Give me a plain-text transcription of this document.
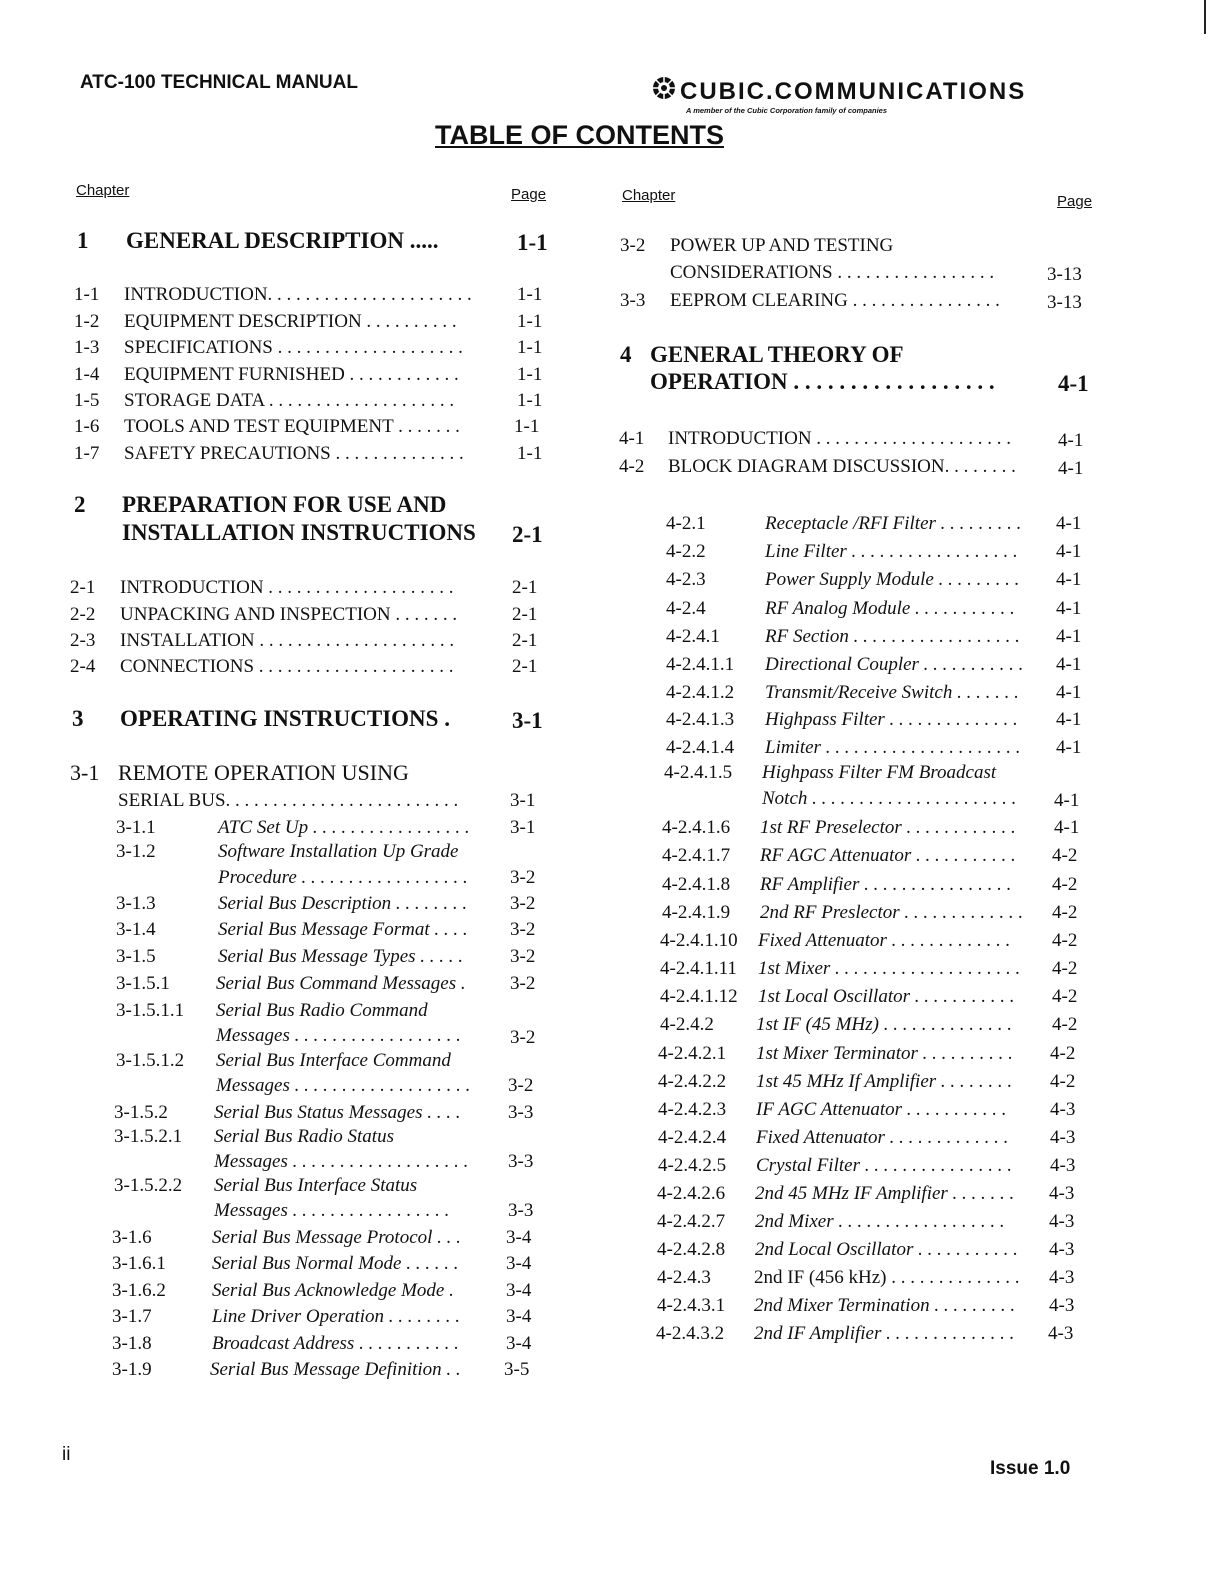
ATC-100 TECHNICAL MANUAL	CUBIC.COMMUNICATIONS
A member of the Cubic Corporation family of companies
TABLE OF CONTENTS
Chapter	Page	Chapter	Page
1 GENERAL DESCRIPTION .....	1-1
1-1 INTRODUCTION. . . . . . . . . . . . . . . . . . . . . . 1-1
1-2 EQUIPMENT DESCRIPTION . . . . . . . . . .	1-1
1-3 SPECIFICATIONS . . . . . . . . . . . . . . . . . . . .	1-1
1-4 EQUIPMENT FURNISHED . . . . . . . . . . . .	1-1
1-5 STORAGE DATA . . . . . . . . . . . . . . . . . . . .	1-1
1-6 TOOLS AND TEST EQUIPMENT . . . . . . .	1-1
1-7 SAFETY PRECAUTIONS . . . . . . . . . . . . . .	1-1
2 PREPARATION FOR USE AND
INSTALLATION INSTRUCTIONS 2-1
2-1 INTRODUCTION . . . . . . . . . . . . . . . . . . . .	2-1
2-2 UNPACKING AND INSPECTION . . . . . . .	2-1
2-3 INSTALLATION . . . . . . . . . . . . . . . . . . . . .	2-1
2-4 CONNECTIONS . . . . . . . . . . . . . . . . . . . . .	2-1
3 OPERATING INSTRUCTIONS .	3-1
3-1 REMOTE OPERATION USING
SERIAL BUS. . . . . . . . . . . . . . . . . . . . . . . . .	3-1
3-1.1	ATC Set Up . . . . . . . . . . . . . . . . . 3-1
3-1.2	Software Installation Up Grade
Procedure . . . . . . . . . . . . . . . . . . 3-2
3-1.3	Serial Bus Description . . . . . . . . 3-2
3-1.4	Serial Bus Message Format . . . . 3-2
3-1.5	Serial Bus Message Types . . . . . 3-2
3-1.5.1 Serial Bus Command Messages . 3-2
3-1.5.1.1 Serial Bus Radio Command
Messages . . . . . . . . . . . . . . . . . .	3-2
3-1.5.1.2 Serial Bus Interface Command
Messages . . . . . . . . . . . . . . . . . . . 3-2
3-1.5.2 Serial Bus Status Messages . . . .	3-3
3-1.5.2.1 Serial Bus Radio Status
Messages . . . . . . . . . . . . . . . . . . . 3-3
3-1.5.2.2 Serial Bus Interface Status
Messages . . . . . . . . . . . . . . . . .	3-3
3-1.6	Serial Bus Message Protocol . . . 3-4
3-1.6.1 Serial Bus Normal Mode . . . . . .	3-4
3-1.6.2 Serial Bus Acknowledge Mode .	3-4
3-1.7	Line Driver Operation . . . . . . . . 3-4
3-1.8	Broadcast Address . . . . . . . . . . . 3-4
3-1.9	Serial Bus Message Definition . . 3-5
3-2 POWER UP AND TESTING
CONSIDERATIONS . . . . . . . . . . . . . . . . .	3-13
3-3 EEPROM CLEARING . . . . . . . . . . . . . . . . 3-13
4 GENERAL THEORY OF
OPERATION . . . . . . . . . . . . . . . . . .	4-1
4-1 INTRODUCTION . . . . . . . . . . . . . . . . . . . . . 4-1
4-2 BLOCK DIAGRAM DISCUSSION. . . . . . . . 4-1
4-2.1	Receptacle /RFI Filter . . . . . . . . . 4-1
4-2.2	Line Filter . . . . . . . . . . . . . . . . . . 4-1
4-2.3	Power Supply Module . . . . . . . . . 4-1
4-2.4	RF Analog Module . . . . . . . . . . . 4-1
4-2.4.1 RF Section . . . . . . . . . . . . . . . . . . 4-1
4-2.4.1.1 Directional Coupler . . . . . . . . . . . 4-1
4-2.4.1.2 Transmit/Receive Switch . . . . . . . 4-1
4-2.4.1.3 Highpass Filter . . . . . . . . . . . . . . 4-1
4-2.4.1.4 Limiter . . . . . . . . . . . . . . . . . . . . . 4-1
4-2.4.1.5 Highpass Filter FM Broadcast
Notch . . . . . . . . . . . . . . . . . . . . . . 4-1
4-2.4.1.6 1st RF Preselector . . . . . . . . . . . . 4-1
4-2.4.1.7 RF AGC Attenuator . . . . . . . . . . . 4-2
4-2.4.1.8 RF Amplifier . . . . . . . . . . . . . . . . 4-2
4-2.4.1.9 2nd RF Preslector . . . . . . . . . . . . . 4-2
4-2.4.1.10 Fixed Attenuator . . . . . . . . . . . . . 4-2
4-2.4.1.11 1st Mixer . . . . . . . . . . . . . . . . . . . . 4-2
4-2.4.1.12 1st Local Oscillator . . . . . . . . . . . 4-2
4-2.4.2 1st IF (45 MHz) . . . . . . . . . . . . . . 4-2
4-2.4.2.1 1st Mixer Terminator . . . . . . . . . . 4-2
4-2.4.2.2 1st 45 MHz If Amplifier . . . . . . . . 4-2
4-2.4.2.3 IF AGC Attenuator . . . . . . . . . . . 4-3
4-2.4.2.4 Fixed Attenuator . . . . . . . . . . . . . 4-3
4-2.4.2.5 Crystal Filter . . . . . . . . . . . . . . . . 4-3
4-2.4.2.6 2nd 45 MHz IF Amplifier . . . . . . . 4-3
4-2.4.2.7 2nd Mixer . . . . . . . . . . . . . . . . . . 4-3
4-2.4.2.8 2nd Local Oscillator . . . . . . . . . . . 4-3
4-2.4.3 2nd IF (456 kHz) . . . . . . . . . . . . . . 4-3
4-2.4.3.1 2nd Mixer Termination . . . . . . . . . 4-3
4-2.4.3.2 2nd IF Amplifier . . . . . . . . . . . . . . 4-3
ii
Issue 1.0
